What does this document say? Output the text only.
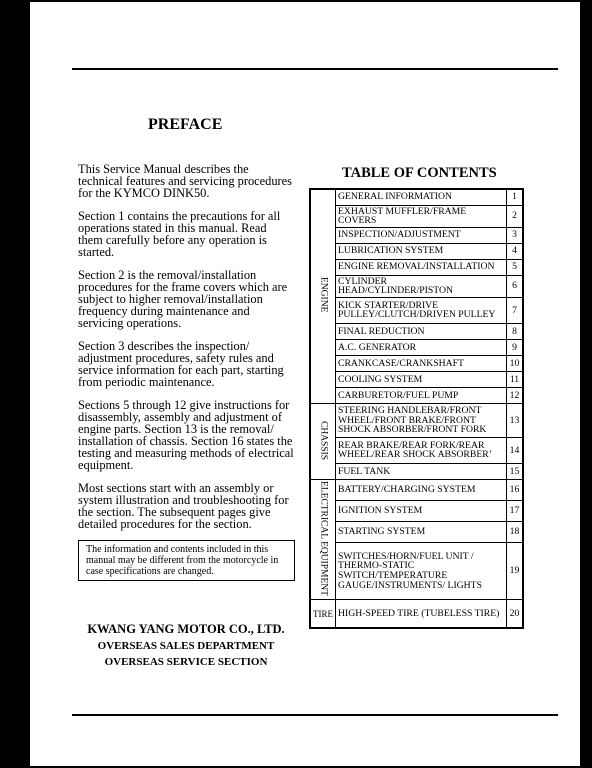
PREFACE

This Service Manual describes the technical features and servicing procedures for the KYMCO DINK50.

Section 1 contains the precautions for all operations stated in this manual. Read them carefully before any operation is started.

Section 2 is the removal/installation procedures for the frame covers which are subject to higher removal/installation frequency during maintenance and servicing operations.

Section 3 describes the inspection/ adjustment procedures, safety rules and service information for each part, starting from periodic maintenance.

Sections 5 through 12 give instructions for disassembly, assembly and adjustment of engine parts. Section 13 is the removal/ installation of chassis. Section 16 states the testing and measuring methods of electrical equipment.

Most sections start with an assembly or system illustration and troubleshooting for the section. The subsequent pages give detailed procedures for the section.

The information and contents included in this manual may be different from the motorcycle in case specifications are changed.
KWANG YANG MOTOR CO., LTD.
OVERSEAS SALES DEPARTMENT
OVERSEAS SERVICE SECTION
TABLE OF CONTENTS
ENGINE	GENERAL INFORMATION	1
	EXHAUST MUFFLER/FRAME COVERS	2
	INSPECTION/ADJUSTMENT	3
	LUBRICATION SYSTEM	4
	ENGINE REMOVAL/INSTALLATION	5
	CYLINDER HEAD/CYLINDER/PISTON	6
	KICK STARTER/DRIVE PULLEY/CLUTCH/DRIVEN PULLEY	7
	FINAL REDUCTION	8
	A.C. GENERATOR	9
	CRANKCASE/CRANKSHAFT	10
	COOLING SYSTEM	11
	CARBURETOR/FUEL PUMP	12
CHASSIS	STEERING HANDLEBAR/FRONT WHEEL/FRONT BRAKE/FRONT SHOCK ABSORBER/FRONT FORK	13
	REAR BRAKE/REAR FORK/REAR WHEEL/REAR SHOCK ABSORBER’	14
	FUEL TANK	15
ELECTRICAL EQUIPMENT	BATTERY/CHARGING SYSTEM	16
	IGNITION SYSTEM	17
	STARTING SYSTEM	18
	SWITCHES/HORN/FUEL UNIT / THERMO-STATIC SWITCH/TEMPERATURE GAUGE/INSTRUMENTS/ LIGHTS	19
TIRE	HIGH-SPEED TIRE (TUBELESS TIRE)	20
